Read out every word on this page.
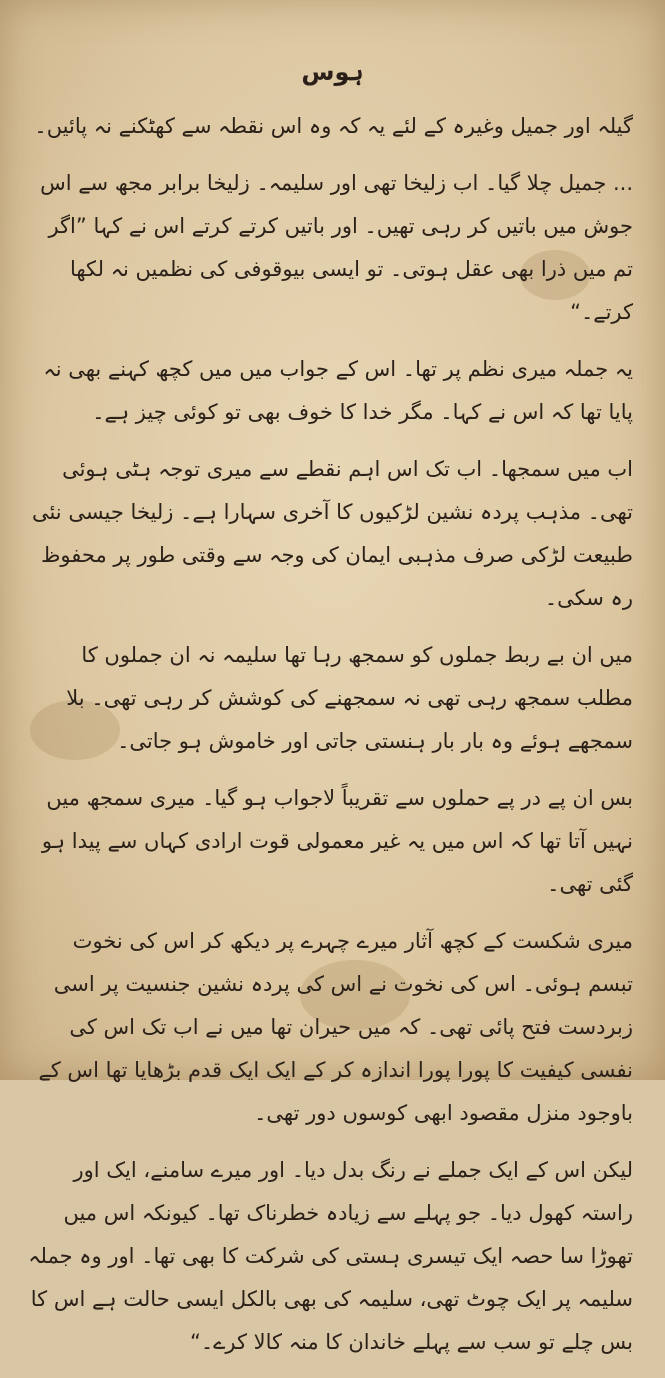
ہوس

گیلہ اور جمیل وغیرہ کے لئے یہ کہ وہ اس نقطہ سے کھٹکنے نہ پائیں۔

... جمیل چلا گیا۔ اب زلیخا تھی اور سلیمہ۔ زلیخا برابر مجھ سے اس جوش میں باتیں کر رہی تھیں۔ اور باتیں کرتے کرتے اس نے کہا ”اگر تم میں ذرا بھی عقل ہوتی۔ تو ایسی بیوقوفی کی نظمیں نہ لکھا کرتے۔“

یہ جملہ میری نظم پر تھا۔ اس کے جواب میں میں کچھ کہنے بھی نہ پایا تھا کہ اس نے کہا۔ مگر خدا کا خوف بھی تو کوئی چیز ہے۔

اب میں سمجھا۔ اب تک اس اہم نقطے سے میری توجہ ہٹی ہوئی تھی۔ مذہب پردہ نشین لڑکیوں کا آخری سہارا ہے۔ زلیخا جیسی نئی طبیعت لڑکی صرف مذہبی ایمان کی وجہ سے وقتی طور پر محفوظ رہ سکی۔

میں ان بے ربط جملوں کو سمجھ رہا تھا سلیمہ نہ ان جملوں کا مطلب سمجھ رہی تھی نہ سمجھنے کی کوشش کر رہی تھی۔ بلا سمجھے ہوئے وہ بار بار ہنستی جاتی اور خاموش ہو جاتی۔

بس ان پے در پے حملوں سے تقریباً لاجواب ہو گیا۔ میری سمجھ میں نہیں آتا تھا کہ اس میں یہ غیر معمولی قوت ارادی کہاں سے پیدا ہو گئی تھی۔

میری شکست کے کچھ آثار میرے چہرے پر دیکھ کر اس کی نخوت تبسم ہوئی۔ اس کی نخوت نے اس کی پردہ نشین جنسیت پر اسی زبردست فتح پائی تھی۔ کہ میں حیران تھا میں نے اب تک اس کی نفسی کیفیت کا پورا پورا اندازہ کر کے ایک ایک قدم بڑھایا تھا اس کے باوجود منزل مقصود ابھی کوسوں دور تھی۔

لیکن اس کے ایک جملے نے رنگ بدل دیا۔ اور میرے سامنے، ایک اور راستہ کھول دیا۔ جو پہلے سے زیادہ خطرناک تھا۔ کیونکہ اس میں تھوڑا سا حصہ ایک تیسری ہستی کی شرکت کا بھی تھا۔ اور وہ جملہ سلیمہ پر ایک چوٹ تھی، سلیمہ کی بھی بالکل ایسی حالت ہے اس کا بس چلے تو سب سے پہلے خاندان کا منہ کالا کرے۔“
